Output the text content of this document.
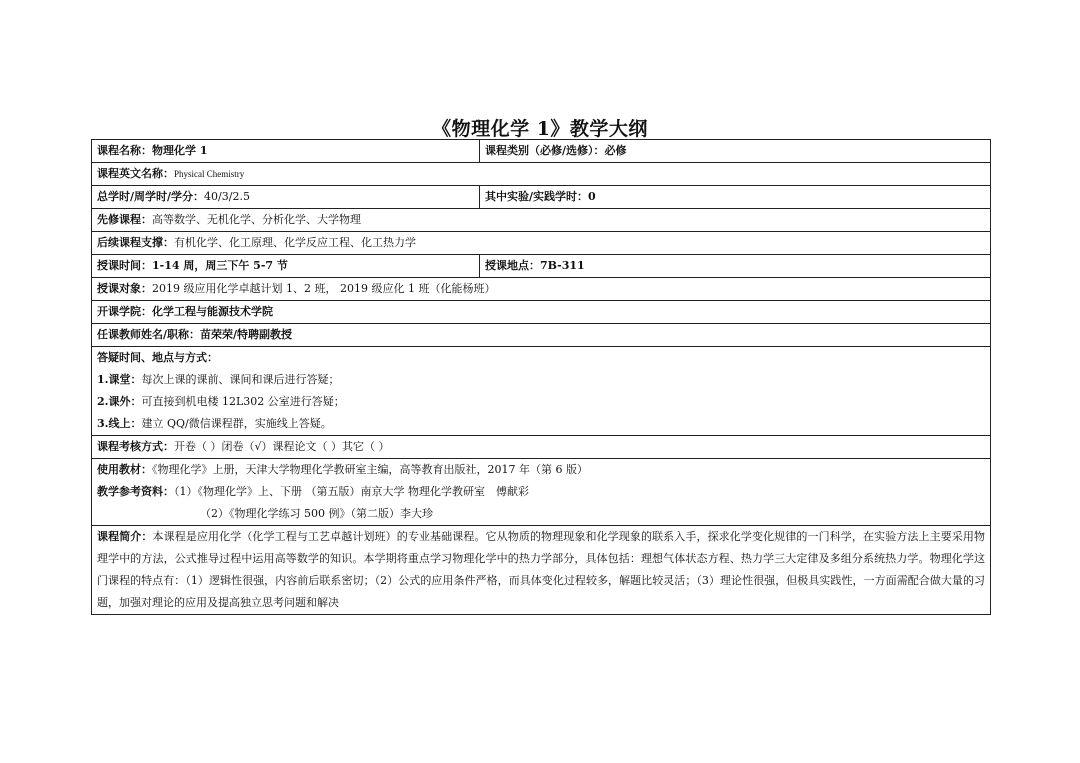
《物理化学 1》教学大纲
课程名称：物理化学 1	课程类别（必修/选修）：必修
课程英文名称：Physical Chemistry	
总学时/周学时/学分：40/3/2.5	其中实验/实践学时：0
先修课程：高等数学、无机化学、分析化学、大学物理	
后续课程支撑：有机化学、化工原理、化学反应工程、化工热力学	
授课时间：1-14 周，周三下午 5-7 节	授课地点：7B-311
授课对象：2019 级应用化学卓越计划 1、2 班， 2019 级应化 1 班（化能杨班）	
开课学院：化学工程与能源技术学院	
任课教师姓名/职称：苗荣荣/特聘副教授	

答疑时间、地点与方式：
1.课堂：每次上课的课前、课间和课后进行答疑；
2.课外：可直接到机电楼 12L302 公室进行答疑；
3.线上：建立 QQ/微信课程群，实施线上答疑。	

课程考核方式：开卷（ ）闭卷（√）课程论文（ ）其它（ ）	

使用教材：《物理化学》上册，天津大学物理化学教研室主编，高等教育出版社，2017 年（第 6 版）
教学参考资料：（1）《物理化学》上、下册 （第五版）南京大学 物理化学教研室　傅献彩
（2）《物理化学练习 500 例》（第二版）李大珍	

课程简介：本课程是应用化学（化学工程与工艺卓越计划班）的专业基础课程。它从物质的物理现象和化学现象的联系入手，探求化学变化规律的一门科学，在实验方法上主要采用物理学中的方法，公式推导过程中运用高等数学的知识。本学期将重点学习物理化学中的热力学部分，具体包括：理想气体状态方程、热力学三大定律及多组分系统热力学。物理化学这门课程的特点有：（1）逻辑性很强，内容前后联系密切；（2）公式的应用条件严格，而具体变化过程较多，解题比较灵活；（3）理论性很强，但极具实践性，一方面需配合做大量的习题，加强对理论的应用及提高独立思考问题和解决	
